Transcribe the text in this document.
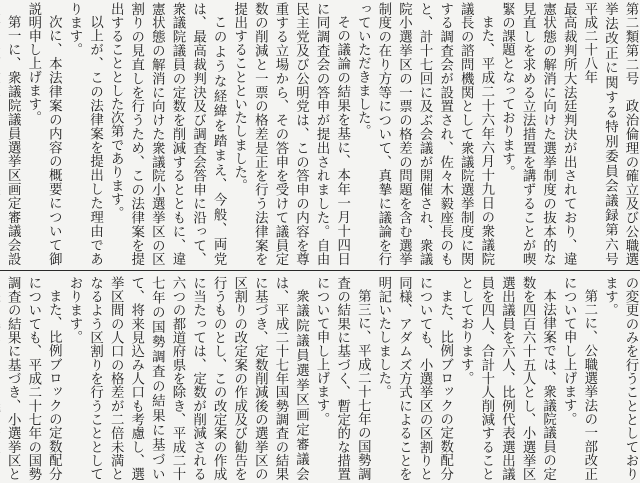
第二類第二号　政治倫理の確立及び公職選挙法改正に関する特別委員会議録第六号　平成二十八年

最高裁判所大法廷判決が出されており、違憲状態の解消に向けた選挙制度の抜本的な見直しを求める立法措置を講ずることが喫緊の課題となっております。

また、平成二十六年六月十九日の衆議院議長の諮問機関として衆議院選挙制度に関する調査会が設置され、佐々木毅座長のもと、計十七回に及ぶ会議が開催され、衆議院小選挙区の一票の格差の問題を含む選挙制度の在り方等について、真摯に議論を行っていただきました。

その議論の結果を基に、本年一月十四日に同調査会の答申が提出されました。自由民主党及び公明党は、この答申の内容を尊重する立場から、その答申を受けて議員定数の削減と一票の格差是正を行う法律案を提出することといたしました。

このような経緯を踏まえ、今般、両党は、最高裁判決及び調査会答申に沿って、衆議院議員の定数を削減するとともに、違憲状態の解消に向けた衆議院小選挙区の区割りの見直しを行うため、この法律案を提出することとした次第であります。

以上が、この法律案を提出した理由であります。

次に、本法律案の内容の概要について御説明申し上げます。

第一に、衆議院議員選挙区画定審議会設

の変更のみを行うこととしております。

第二に、公職選挙法の一部改正について申し上げます。

本法律案では、衆議院議員の定数を四百六十五人とし、小選挙区選出議員を六人、比例代表選出議員を四人、合計十人削減することとしております。

また、比例ブロックの定数配分についても、小選挙区の区割りと同様、アダムズ方式によることを明記いたしました。

第三に、平成二十七年の国勢調査の結果に基づく、暫定的な措置について申し上げます。

衆議院議員選挙区画定審議会は、平成二十七年国勢調査の結果に基づき、定数削減後の選挙区の区割りの改定案の作成及び勧告を行うものとし、この改定案の作成に当たっては、定数が削減される六つの都道府県を除き、平成二十七年の国勢調査の結果に基づいて、将来見込み人口も考慮し、選挙区間の人口の格差が二倍未満となるよう区割りを行うこととしております。

また、比例ブロックの定数配分についても、平成二十七年の国勢調査の結果に基づき、小選挙区と
